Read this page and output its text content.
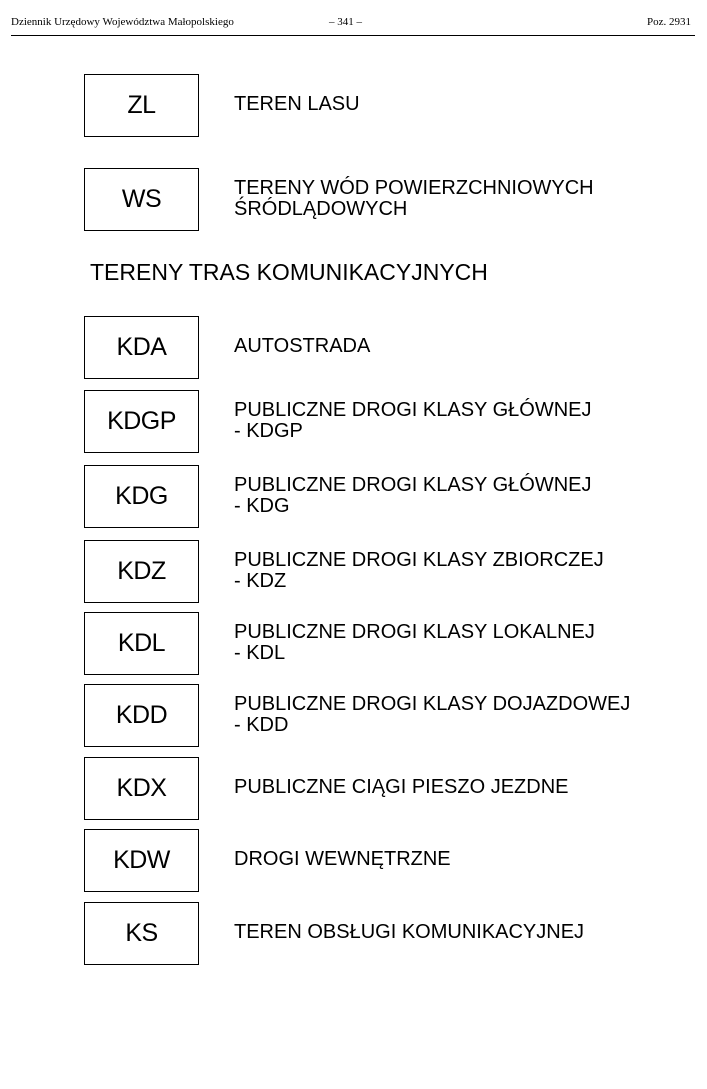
Dziennik Urzędowy Województwa Małopolskiego	– 341 –	Poz. 2931
ZL	TEREN LASU
WS	TERENY WÓD POWIERZCHNIOWYCH
ŚRÓDLĄDOWYCH
TERENY TRAS KOMUNIKACYJNYCH
KDA	AUTOSTRADA
KDGP	PUBLICZNE DROGI KLASY GŁÓWNEJ
- KDGP
KDG	PUBLICZNE DROGI KLASY GŁÓWNEJ
- KDG
KDZ	PUBLICZNE DROGI KLASY ZBIORCZEJ
- KDZ
KDL	PUBLICZNE DROGI KLASY LOKALNEJ
- KDL
KDD	PUBLICZNE DROGI KLASY DOJAZDOWEJ
- KDD
KDX	PUBLICZNE CIĄGI PIESZO JEZDNE
KDW	DROGI WEWNĘTRZNE
KS	TEREN OBSŁUGI KOMUNIKACYJNEJ
